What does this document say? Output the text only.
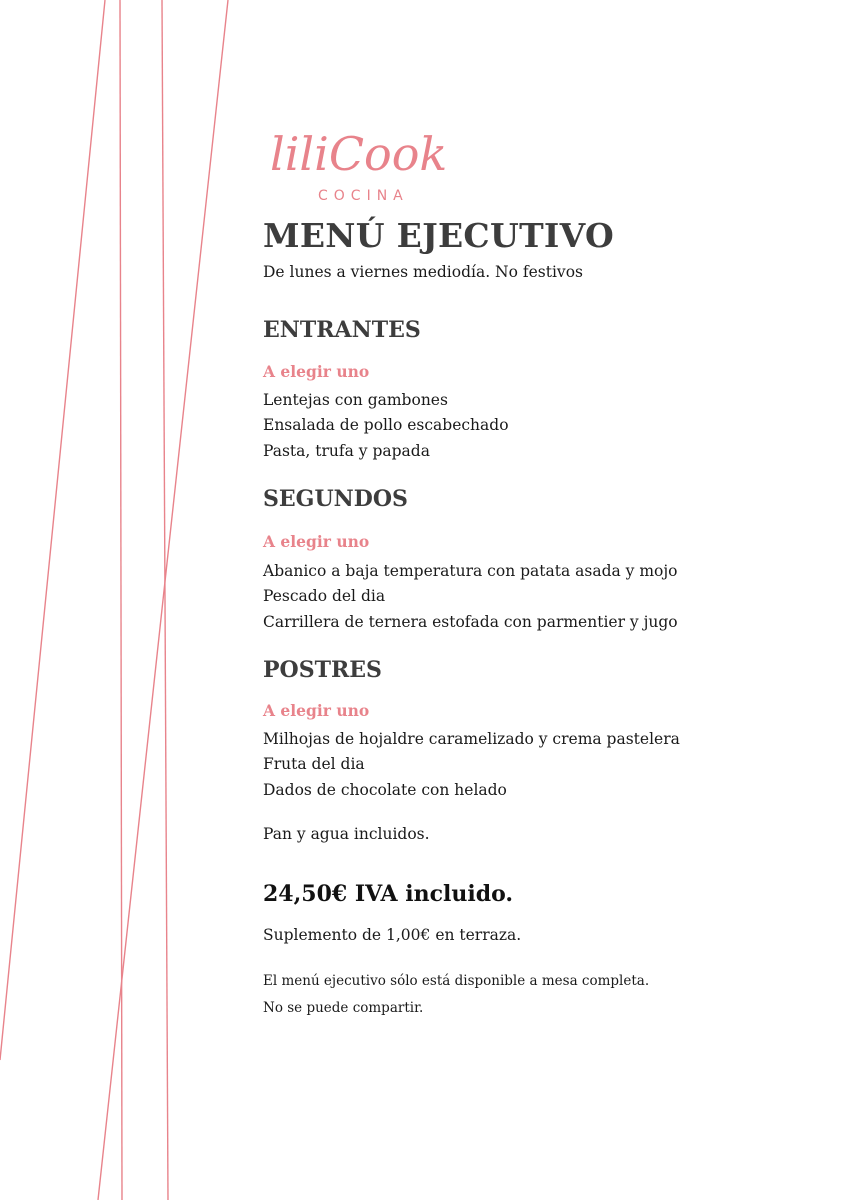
liliCook
COCINA
MENÚ EJECUTIVO
De lunes a viernes mediodía. No festivos
ENTRANTES
A elegir uno
Lentejas con gambones
Ensalada de pollo escabechado
Pasta, trufa y papada
SEGUNDOS
A elegir uno
Abanico a baja temperatura con patata asada y mojo
Pescado del dia
Carrillera de ternera estofada con parmentier y jugo
POSTRES
A elegir uno
Milhojas de hojaldre caramelizado y crema pastelera
Fruta del dia
Dados de chocolate con helado
Pan y agua incluidos.
24,50€ IVA incluido.
Suplemento de 1,00€ en terraza.
El menú ejecutivo sólo está disponible a mesa completa.
No se puede compartir.
